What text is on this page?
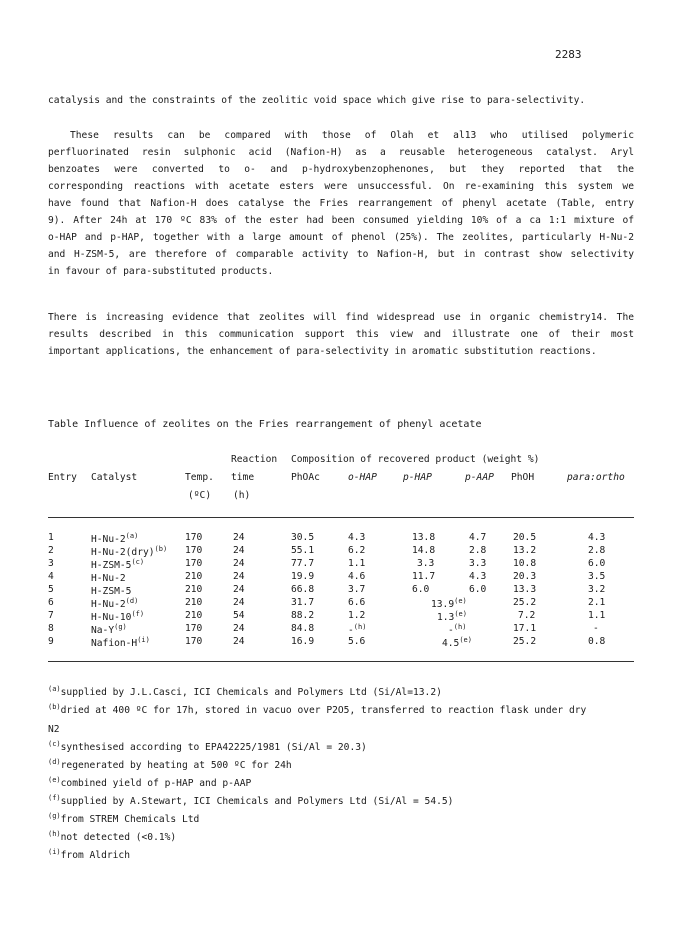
2283

catalysis and the constraints of the zeolitic void space which give rise to para-selectivity.

These results can be compared with those of Olah et al13 who utilised polymeric
perfluorinated resin sulphonic acid (Nafion-H) as a reusable heterogeneous catalyst. Aryl
benzoates were converted to o- and p-hydroxybenzophenones, but they reported that the
corresponding reactions with acetate esters were unsuccessful. On re-examining this system we
have found that Nafion-H does catalyse the Fries rearrangement of phenyl acetate (Table, entry
9). After 24h at 170 ºC 83% of the ester had been consumed yielding 10% of a ca 1:1 mixture of
o-HAP and p-HAP, together with a large amount of phenol (25%). The zeolites, particularly H-Nu-2
and H-ZSM-5, are therefore of comparable activity to Nafion-H, but in contrast show selectivity
in favour of para-substituted products.

There is increasing evidence that zeolites will find widespread use in organic chemistry14. The
results described in this communication support this view and illustrate one of their most
important applications, the enhancement of para-selectivity in aromatic substitution reactions.

Table Influence of zeolites on the Fries rearrangement of phenyl acetate
Reaction Composition of recovered product (weight %)
Entry Catalyst	Temp. time	PhOAc	o-HAP	p-HAP	p-AAP PhOH	para:ortho
(ºC) (h)
1	H-Nu-2$^{(a)}$	170	24	30.5	4.3	13.8	4.7	20.5	4.3
2	H-Nu-2(dry)$^{(b)}$ 170	24	55.1	6.2	14.8	2.8	13.2	2.8
3	H-ZSM-5$^{(c)}$	170	24	77.7	1.1	3.3	3.3	10.8	6.0
4	H-Nu-2	210	24	19.9	4.6	11.7	4.3	20.3	3.5
5	H-ZSM-5	210	24	66.8	3.7	6.0	6.0	13.3	3.2
6	H-Nu-2$^{(d)}$	210	24	31.7	6.6	13.9$^{(e)}$	25.2	2.1
7	H-Nu-10$^{(f)}$	210	54	88.2	1.2	1.3$^{(e)}$	7.2	1.1
8	$Na-Y^{(g)}$	170	24	84.8	-$^{(h)}$	-$^{(h)}$	17.1	-
9	Nafion-$H^{(i)}$	170	24	16.9	5.6	4.5$^{(e)}$	25.2	0.8
$^{(a)}$supplied by J.L.Casci, ICI Chemicals and Polymers Ltd (Si/Al=13.2)
$^{(b)}$dried at 400 ºC for 17h, stored in vacuo over P2O5, transferred to reaction flask under dry
N2
$^{(c)}$synthesised according to EPA42225/1981 (Si/Al = 20.3)
$^{(d)}$regenerated by heating at 500 ºC for 24h
$^{(e)}$combined yield of p-HAP and p-AAP
$^{(f)}$supplied by A.Stewart, ICI Chemicals and Polymers Ltd (Si/Al = 54.5)
$^{(g)}$from STREM Chemicals Ltd
$^{(h)}$not detected (<0.1%)
$^{(i)}$from Aldrich
